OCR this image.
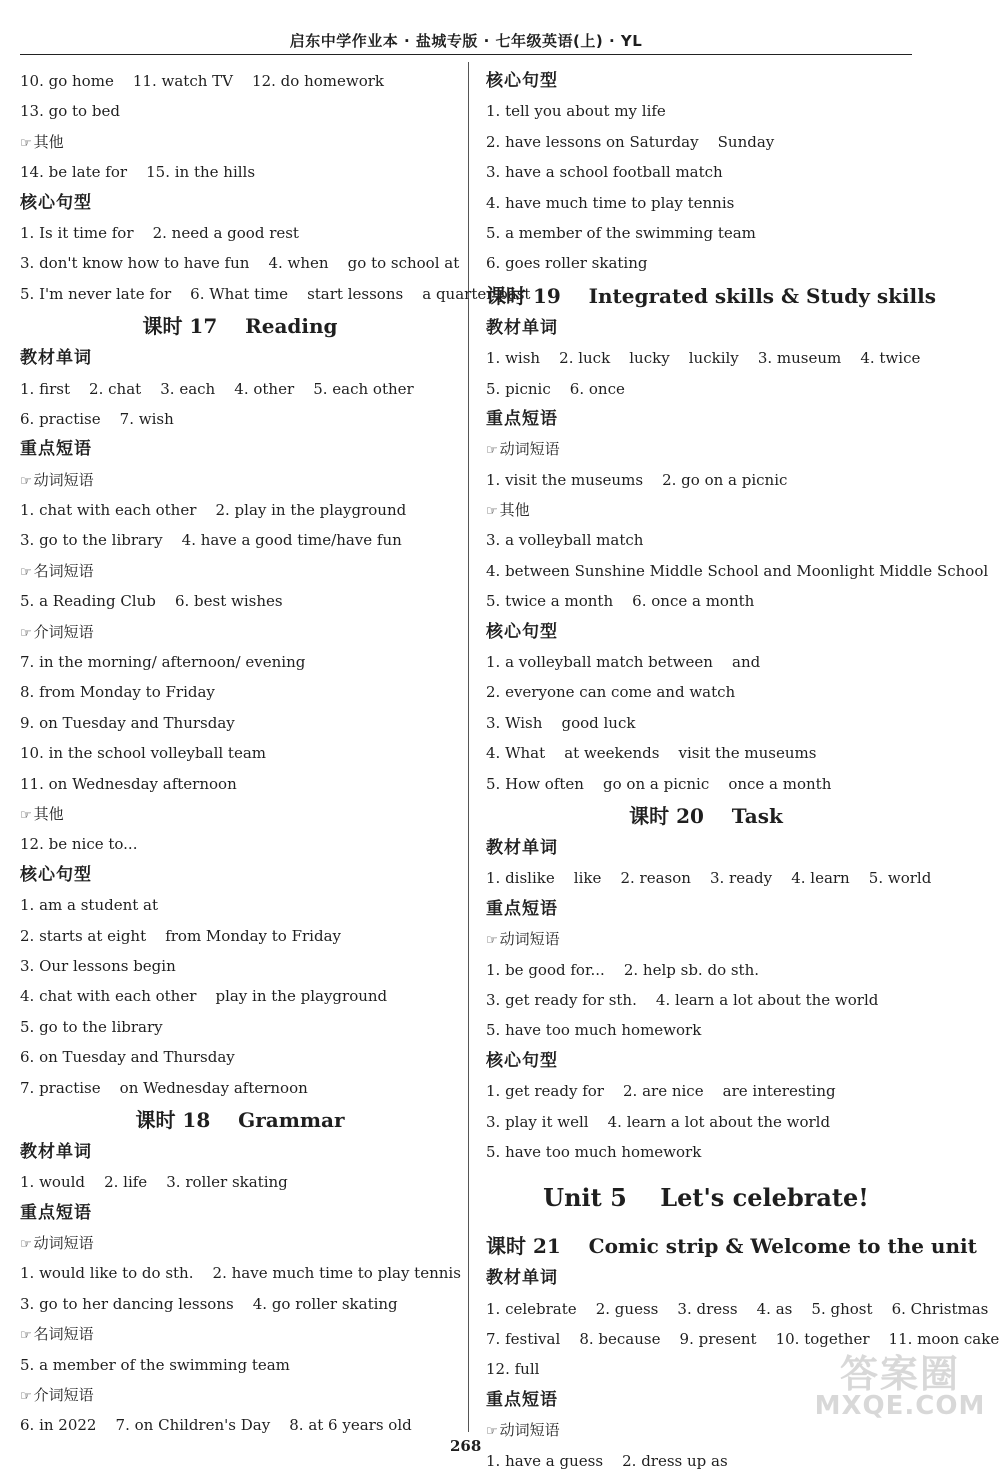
启东中学作业本 · 盐城专版 · 七年级英语(上) · YL
10. go home    11. watch TV    12. do homework
13. go to bed
☞ 其他
14. be late for    15. in the hills
核心句型
1. Is it time for    2. need a good rest
3. don't know how to have fun    4. when    go to school at
5. I'm never late for    6. What time    start lessons    a quarter past
课时 17    Reading
教材单词
1. first    2. chat    3. each    4. other    5. each other
6. practise    7. wish
重点短语
☞ 动词短语
1. chat with each other    2. play in the playground
3. go to the library    4. have a good time/have fun
☞ 名词短语
5. a Reading Club    6. best wishes
☞ 介词短语
7. in the morning/ afternoon/ evening
8. from Monday to Friday
9. on Tuesday and Thursday
10. in the school volleyball team
11. on Wednesday afternoon
☞ 其他
12. be nice to...
核心句型
1. am a student at
2. starts at eight    from Monday to Friday
3. Our lessons begin
4. chat with each other    play in the playground
5. go to the library
6. on Tuesday and Thursday
7. practise    on Wednesday afternoon
课时 18    Grammar
教材单词
1. would    2. life    3. roller skating
重点短语
☞ 动词短语
1. would like to do sth.    2. have much time to play tennis
3. go to her dancing lessons    4. go roller skating
☞ 名词短语
5. a member of the swimming team
☞ 介词短语
6. in 2022    7. on Children's Day    8. at 6 years old
核心句型
1. tell you about my life
2. have lessons on Saturday    Sunday
3. have a school football match
4. have much time to play tennis
5. a member of the swimming team
6. goes roller skating
课时 19    Integrated skills & Study skills
教材单词
1. wish    2. luck    lucky    luckily    3. museum    4. twice
5. picnic    6. once
重点短语
☞ 动词短语
1. visit the museums    2. go on a picnic
☞ 其他
3. a volleyball match
4. between Sunshine Middle School and Moonlight Middle School
5. twice a month    6. once a month
核心句型
1. a volleyball match between    and
2. everyone can come and watch
3. Wish    good luck
4. What    at weekends    visit the museums
5. How often    go on a picnic    once a month
课时 20    Task
教材单词
1. dislike    like    2. reason    3. ready    4. learn    5. world
重点短语
☞ 动词短语
1. be good for...    2. help sb. do sth.
3. get ready for sth.    4. learn a lot about the world
5. have too much homework
核心句型
1. get ready for    2. are nice    are interesting
3. play it well    4. learn a lot about the world
5. have too much homework
Unit 5    Let's celebrate!
课时 21    Comic strip & Welcome to the unit
教材单词
1. celebrate    2. guess    3. dress    4. as    5. ghost    6. Christmas
7. festival    8. because    9. present    10. together    11. moon cake
12. full
重点短语
☞ 动词短语
1. have a guess    2. dress up as
答案圈
MXQE.COM
268
